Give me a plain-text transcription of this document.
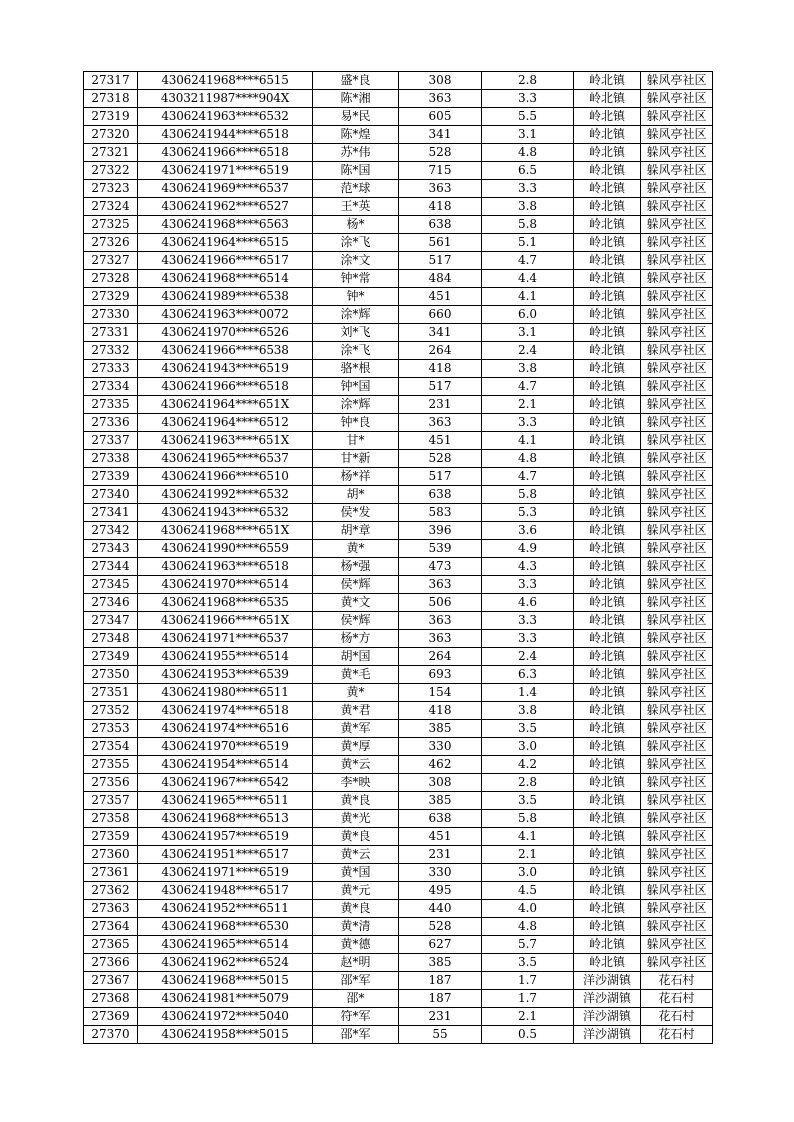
27317	4306241968****6515	盛*良	308	2.8	岭北镇	躲风亭社区
27318	4303211987****904X	陈*湘	363	3.3	岭北镇	躲风亭社区
27319	4306241963****6532	易*民	605	5.5	岭北镇	躲风亭社区
27320	4306241944****6518	陈*煌	341	3.1	岭北镇	躲风亭社区
27321	4306241966****6518	苏*伟	528	4.8	岭北镇	躲风亭社区
27322	4306241971****6519	陈*国	715	6.5	岭北镇	躲风亭社区
27323	4306241969****6537	范*球	363	3.3	岭北镇	躲风亭社区
27324	4306241962****6527	王*英	418	3.8	岭北镇	躲风亭社区
27325	4306241968****6563	杨*	638	5.8	岭北镇	躲风亭社区
27326	4306241964****6515	涂*飞	561	5.1	岭北镇	躲风亭社区
27327	4306241966****6517	涂*文	517	4.7	岭北镇	躲风亭社区
27328	4306241968****6514	钟*常	484	4.4	岭北镇	躲风亭社区
27329	4306241989****6538	钟*	451	4.1	岭北镇	躲风亭社区
27330	4306241963****0072	涂*辉	660	6.0	岭北镇	躲风亭社区
27331	4306241970****6526	刘*飞	341	3.1	岭北镇	躲风亭社区
27332	4306241966****6538	涂*飞	264	2.4	岭北镇	躲风亭社区
27333	4306241943****6519	骆*根	418	3.8	岭北镇	躲风亭社区
27334	4306241966****6518	钟*国	517	4.7	岭北镇	躲风亭社区
27335	4306241964****651X	涂*辉	231	2.1	岭北镇	躲风亭社区
27336	4306241964****6512	钟*良	363	3.3	岭北镇	躲风亭社区
27337	4306241963****651X	甘*	451	4.1	岭北镇	躲风亭社区
27338	4306241965****6537	甘*新	528	4.8	岭北镇	躲风亭社区
27339	4306241966****6510	杨*祥	517	4.7	岭北镇	躲风亭社区
27340	4306241992****6532	胡*	638	5.8	岭北镇	躲风亭社区
27341	4306241943****6532	侯*发	583	5.3	岭北镇	躲风亭社区
27342	4306241968****651X	胡*章	396	3.6	岭北镇	躲风亭社区
27343	4306241990****6559	黄*	539	4.9	岭北镇	躲风亭社区
27344	4306241963****6518	杨*强	473	4.3	岭北镇	躲风亭社区
27345	4306241970****6514	侯*辉	363	3.3	岭北镇	躲风亭社区
27346	4306241968****6535	黄*文	506	4.6	岭北镇	躲风亭社区
27347	4306241966****651X	侯*辉	363	3.3	岭北镇	躲风亭社区
27348	4306241971****6537	杨*方	363	3.3	岭北镇	躲风亭社区
27349	4306241955****6514	胡*国	264	2.4	岭北镇	躲风亭社区
27350	4306241953****6539	黄*毛	693	6.3	岭北镇	躲风亭社区
27351	4306241980****6511	黄*	154	1.4	岭北镇	躲风亭社区
27352	4306241974****6518	黄*君	418	3.8	岭北镇	躲风亭社区
27353	4306241974****6516	黄*军	385	3.5	岭北镇	躲风亭社区
27354	4306241970****6519	黄*厚	330	3.0	岭北镇	躲风亭社区
27355	4306241954****6514	黄*云	462	4.2	岭北镇	躲风亭社区
27356	4306241967****6542	李*映	308	2.8	岭北镇	躲风亭社区
27357	4306241965****6511	黄*良	385	3.5	岭北镇	躲风亭社区
27358	4306241968****6513	黄*光	638	5.8	岭北镇	躲风亭社区
27359	4306241957****6519	黄*良	451	4.1	岭北镇	躲风亭社区
27360	4306241951****6517	黄*云	231	2.1	岭北镇	躲风亭社区
27361	4306241971****6519	黄*国	330	3.0	岭北镇	躲风亭社区
27362	4306241948****6517	黄*元	495	4.5	岭北镇	躲风亭社区
27363	4306241952****6511	黄*良	440	4.0	岭北镇	躲风亭社区
27364	4306241968****6530	黄*清	528	4.8	岭北镇	躲风亭社区
27365	4306241965****6514	黄*德	627	5.7	岭北镇	躲风亭社区
27366	4306241962****6524	赵*明	385	3.5	岭北镇	躲风亭社区
27367	4306241968****5015	邵*军	187	1.7	洋沙湖镇	花石村
27368	4306241981****5079	邵*	187	1.7	洋沙湖镇	花石村
27369	4306241972****5040	符*军	231	2.1	洋沙湖镇	花石村
27370	4306241958****5015	邵*军	55	0.5	洋沙湖镇	花石村
